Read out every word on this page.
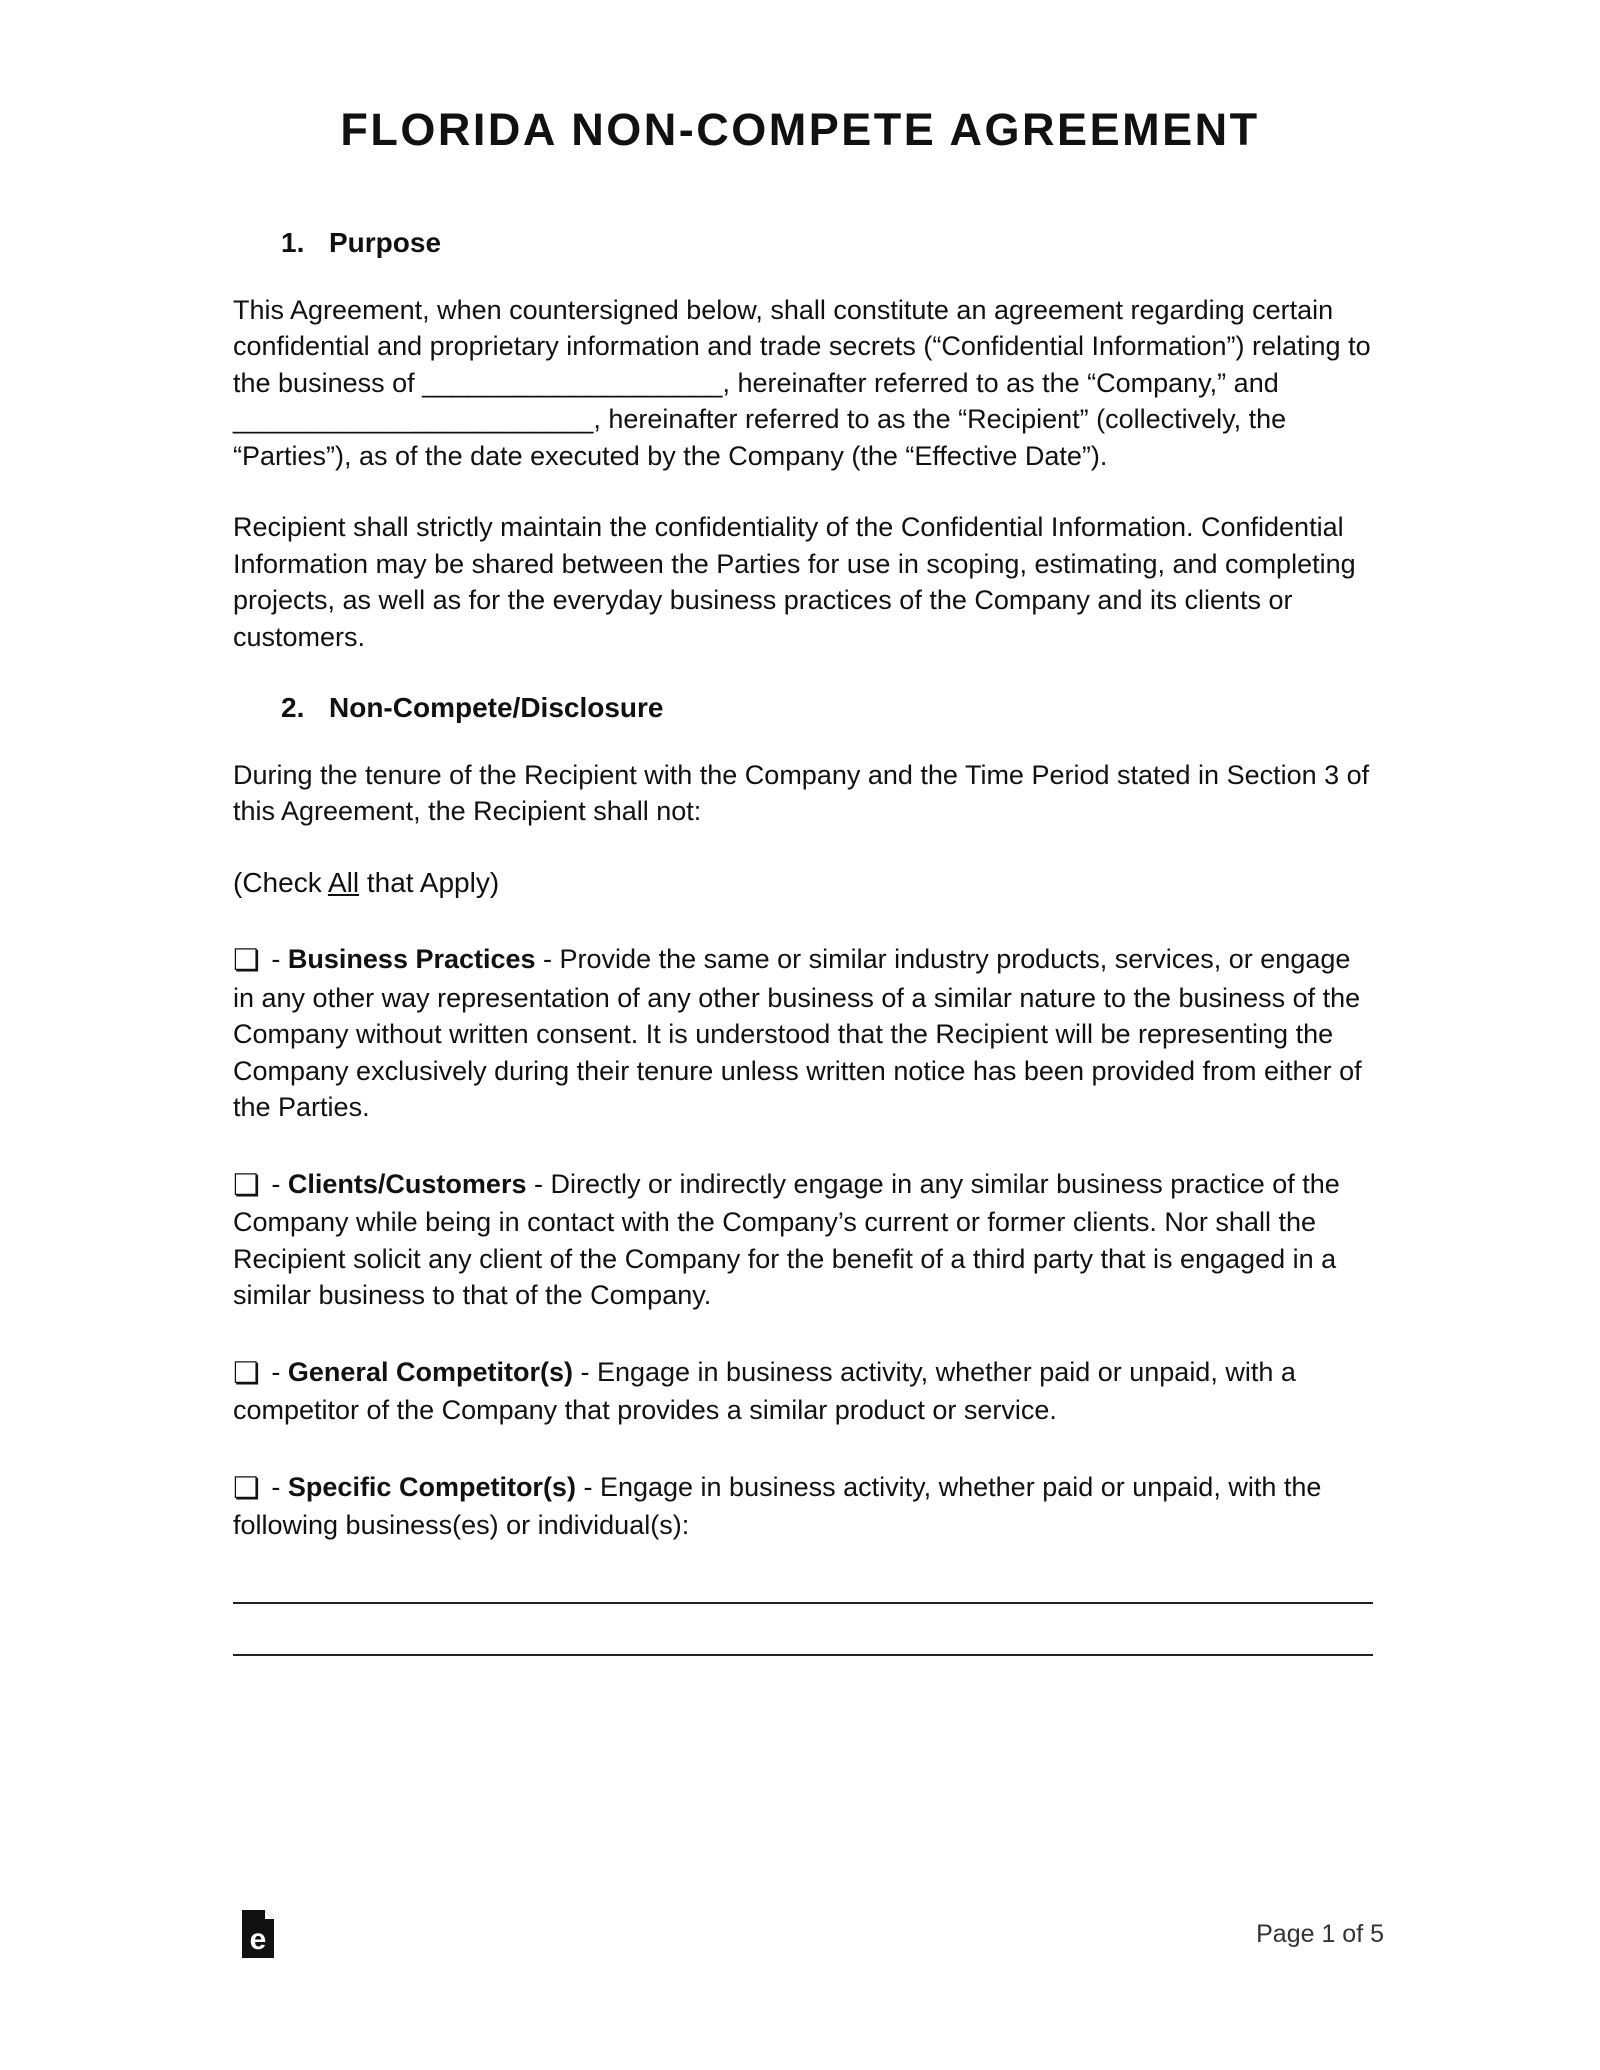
FLORIDA NON-COMPETE AGREEMENT
1. Purpose

This Agreement, when countersigned below, shall constitute an agreement regarding certain confidential and proprietary information and trade secrets (“Confidential Information”) relating to the business of ____________________, hereinafter referred to as the “Company,” and ________________________, hereinafter referred to as the “Recipient” (collectively, the “Parties”), as of the date executed by the Company (the “Effective Date”).

Recipient shall strictly maintain the confidentiality of the Confidential Information. Confidential Information may be shared between the Parties for use in scoping, estimating, and completing projects, as well as for the everyday business practices of the Company and its clients or customers.

2. Non-Compete/Disclosure

During the tenure of the Recipient with the Company and the Time Period stated in Section 3 of this Agreement, the Recipient shall not:

(Check All that Apply)

❏ - Business Practices - Provide the same or similar industry products, services, or engage in any other way representation of any other business of a similar nature to the business of the Company without written consent. It is understood that the Recipient will be representing the Company exclusively during their tenure unless written notice has been provided from either of the Parties.

❏ - Clients/Customers - Directly or indirectly engage in any similar business practice of the Company while being in contact with the Company’s current or former clients. Nor shall the Recipient solicit any client of the Company for the benefit of a third party that is engaged in a similar business to that of the Company.

❏ - General Competitor(s) - Engage in business activity, whether paid or unpaid, with a competitor of the Company that provides a similar product or service.

❏ - Specific Competitor(s) - Engage in business activity, whether paid or unpaid, with the following business(es) or individual(s):

e	Page 1 of 5
